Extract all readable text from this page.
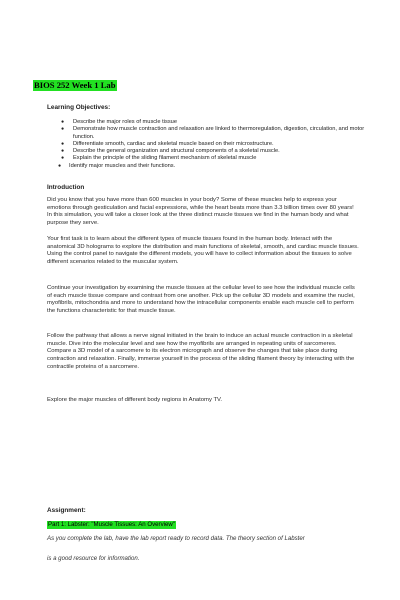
BIOS 252 Week 1 Lab
Learning Objectives:
● Describe the major roles of muscle tissue
● Demonstrate how muscle contraction and relaxation are linked to thermoregulation, digestion, circulation, and motor function.
● Differentiate smooth, cardiac and skeletal muscle based on their microstructure.
● Describe the general organization and structural components of a skeletal muscle.
● Explain the principle of the sliding filament mechanism of skeletal muscle
● Identify major muscles and their functions.
Introduction

Did you know that you have more than 600 muscles in your body? Some of these muscles help to express your emotions through gesticulation and facial expressions, while the heart beats more than 3.3 billion times over 80 years! In this simulation, you will take a closer look at the three distinct muscle tissues we find in the human body and what purpose they serve.

Your first task is to learn about the different types of muscle tissues found in the human body. Interact with the anatomical 3D holograms to explore the distribution and main functions of skeletal, smooth, and cardiac muscle tissues. Using the control panel to navigate the different models, you will have to collect information about the tissues to solve different scenarios related to the muscular system.

Continue your investigation by examining the muscle tissues at the cellular level to see how the individual muscle cells of each muscle tissue compare and contrast from one another. Pick up the cellular 3D models and examine the nuclei, myofibrils, mitochondria and more to understand how the intracellular components enable each muscle cell to perform the functions characteristic for that muscle tissue.

Follow the pathway that allows a nerve signal initiated in the brain to induce an actual muscle contraction in a skeletal muscle. Dive into the molecular level and see how the myofibrils are arranged in repeating units of sarcomeres. Compare a 3D model of a sarcomere to its electron micrograph and observe the changes that take place during contraction and relaxation. Finally, immerse yourself in the process of the sliding filament theory by interacting with the contractile proteins of a sarcomere.

Explore the major muscles of different body regions in Anatomy TV.

Assignment:
Part 1: Labster: "Muscle Tissues: An Overview"

As you complete the lab, have the lab report ready to record data. The theory section of Labster

is a good resource for information.
